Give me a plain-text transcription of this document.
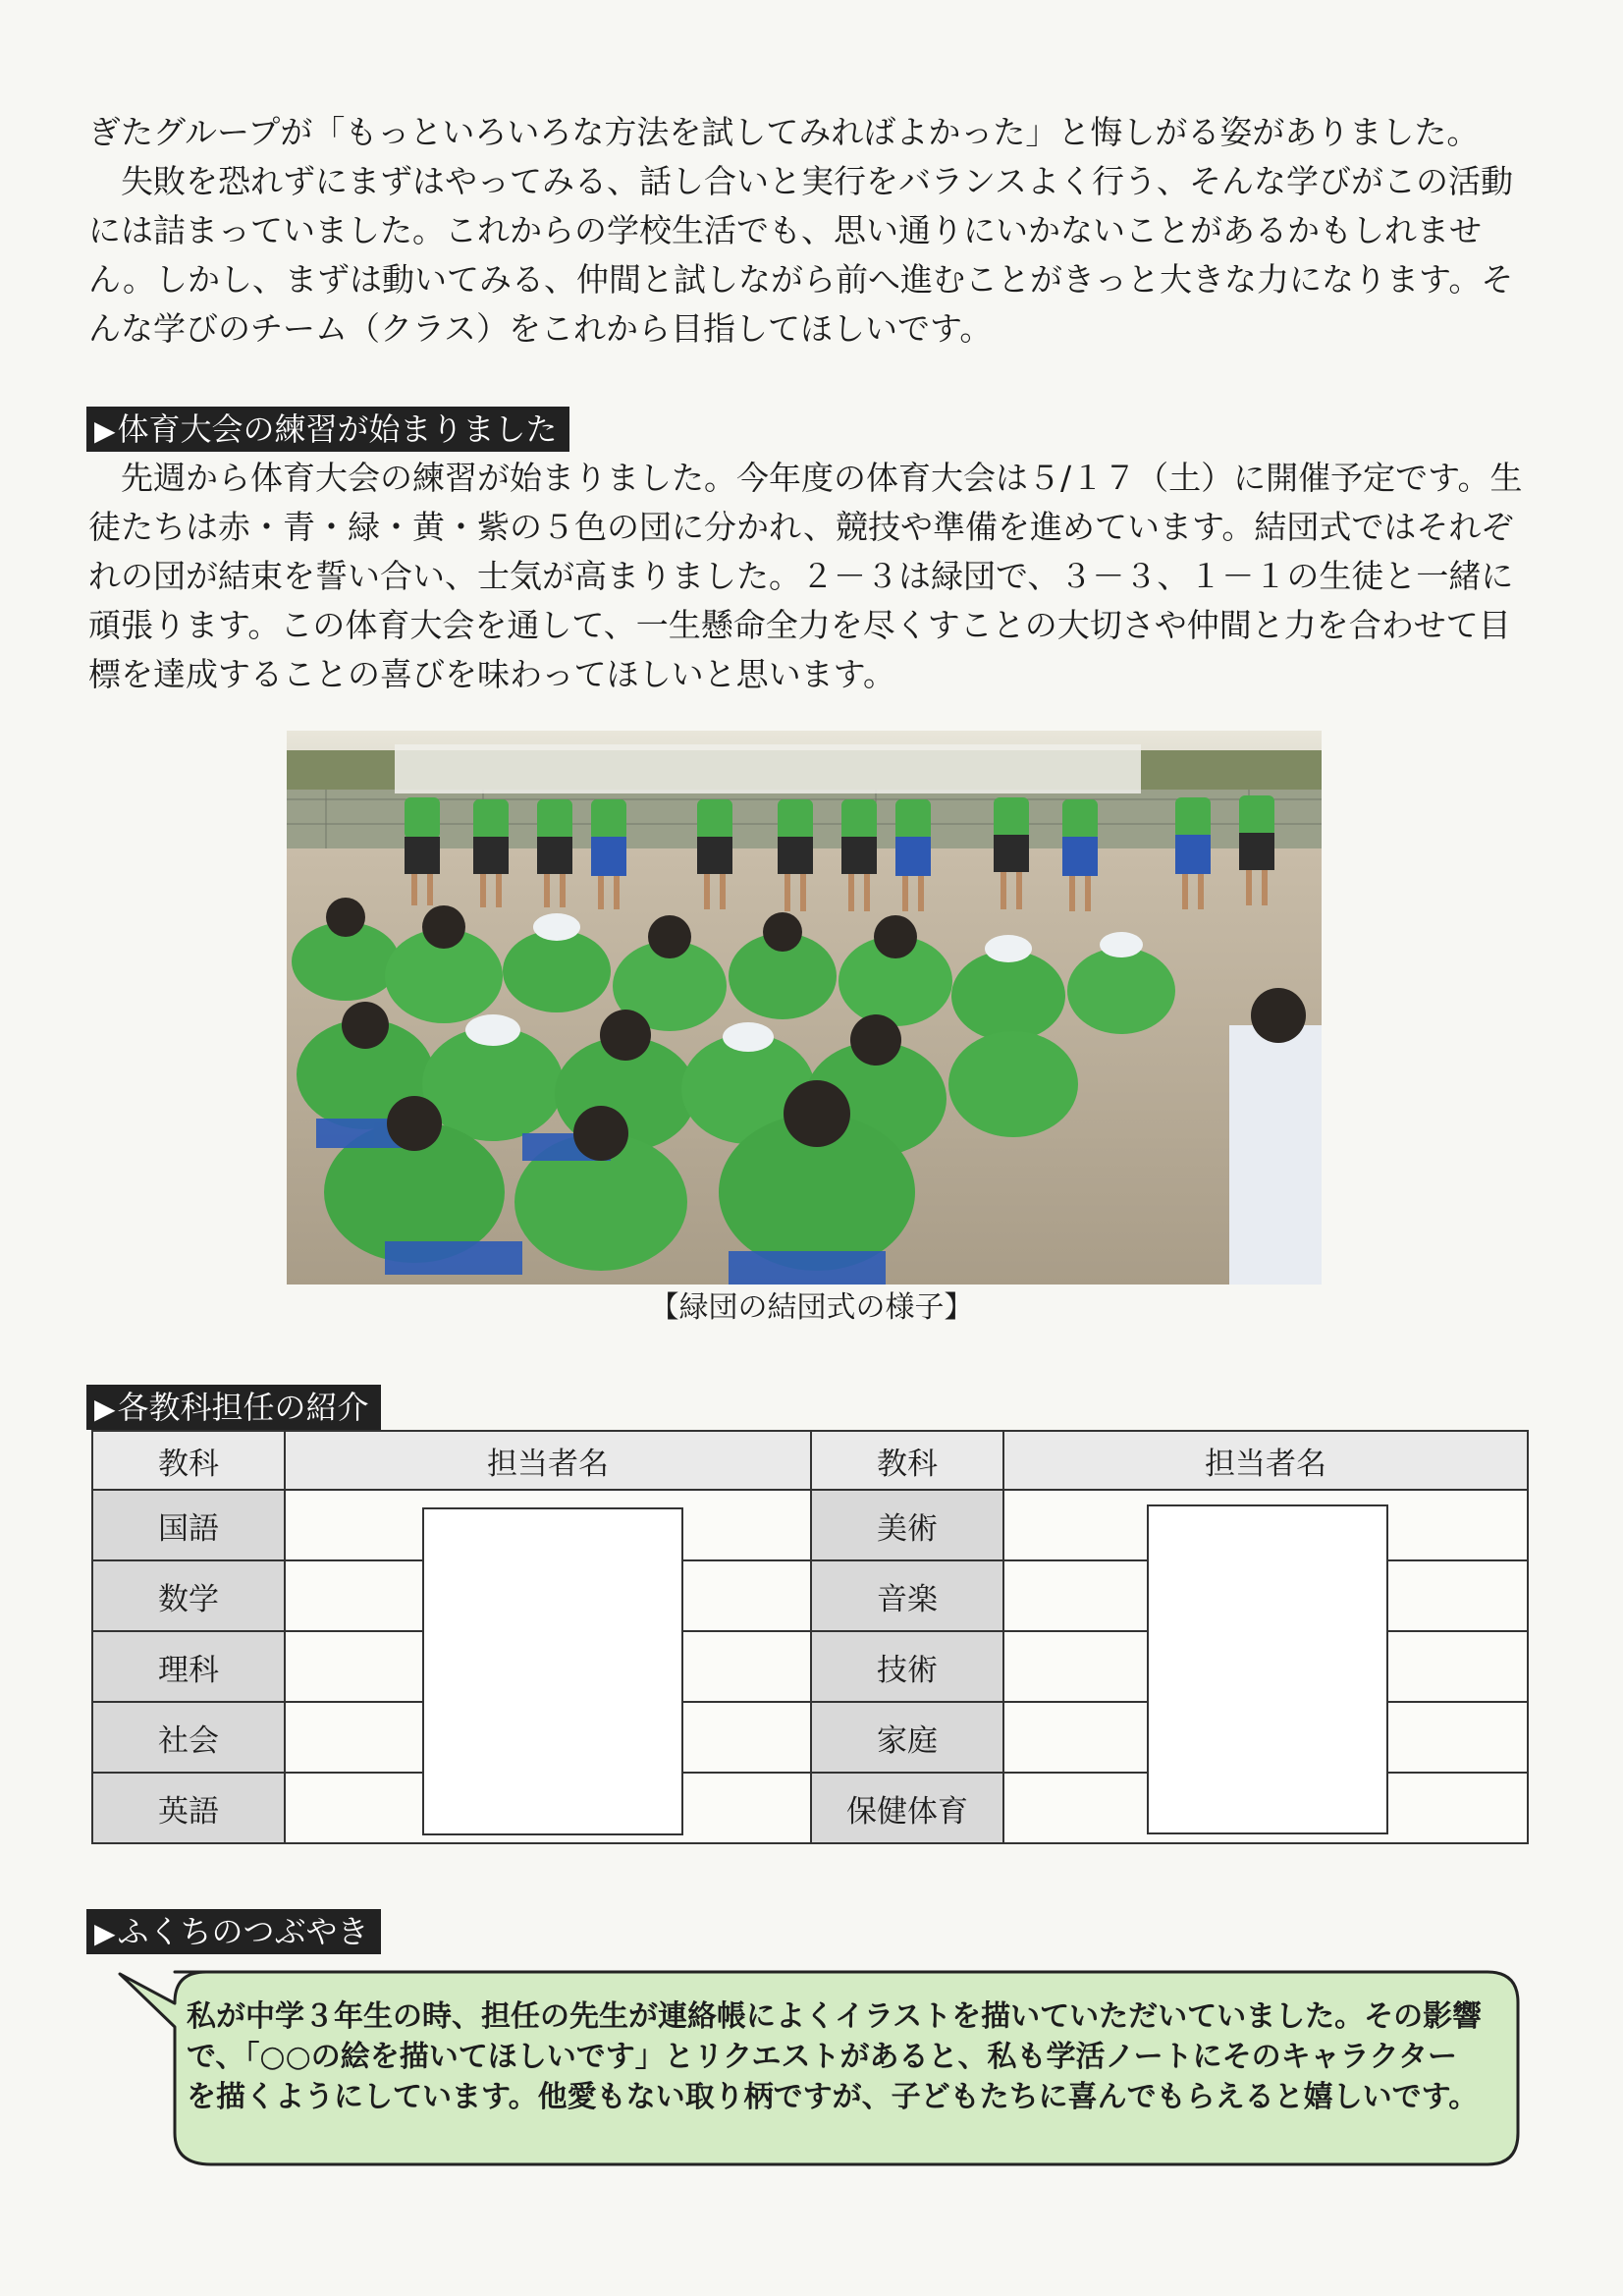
ぎたグループが「もっといろいろな方法を試してみればよかった」と悔しがる姿がありました。

失敗を恐れずにまずはやってみる、話し合いと実行をバランスよく行う、そんな学びがこの活動には詰まっていました。これからの学校生活でも、思い通りにいかないことがあるかもしれません。しかし、まずは動いてみる、仲間と試しながら前へ進むことがきっと大きな力になります。そんな学びのチーム（クラス）をこれから目指してほしいです。

▶体育大会の練習が始まりました

先週から体育大会の練習が始まりました。今年度の体育大会は５/１７（土）に開催予定です。生徒たちは赤・青・緑・黄・紫の５色の団に分かれ、競技や準備を進めています。結団式ではそれぞれの団が結束を誓い合い、士気が高まりました。２－３は緑団で、３－３、１－１の生徒と一緒に頑張ります。この体育大会を通して、一生懸命全力を尽くすことの大切さや仲間と力を合わせて目標を達成することの喜びを味わってほしいと思います。

【緑団の結団式の様子】
▶各教科担任の紹介
教科	担当者名	教科	担当者名
国語		美術	
数学		音楽	
理科		技術	
社会		家庭	
英語		保健体育	
▶ふくちのつぶやき

私が中学３年生の時、担任の先生が連絡帳によくイラストを描いていただいていました。その影響で、「○○の絵を描いてほしいです」とリクエストがあると、私も学活ノートにそのキャラクターを描くようにしています。他愛もない取り柄ですが、子どもたちに喜んでもらえると嬉しいです。
